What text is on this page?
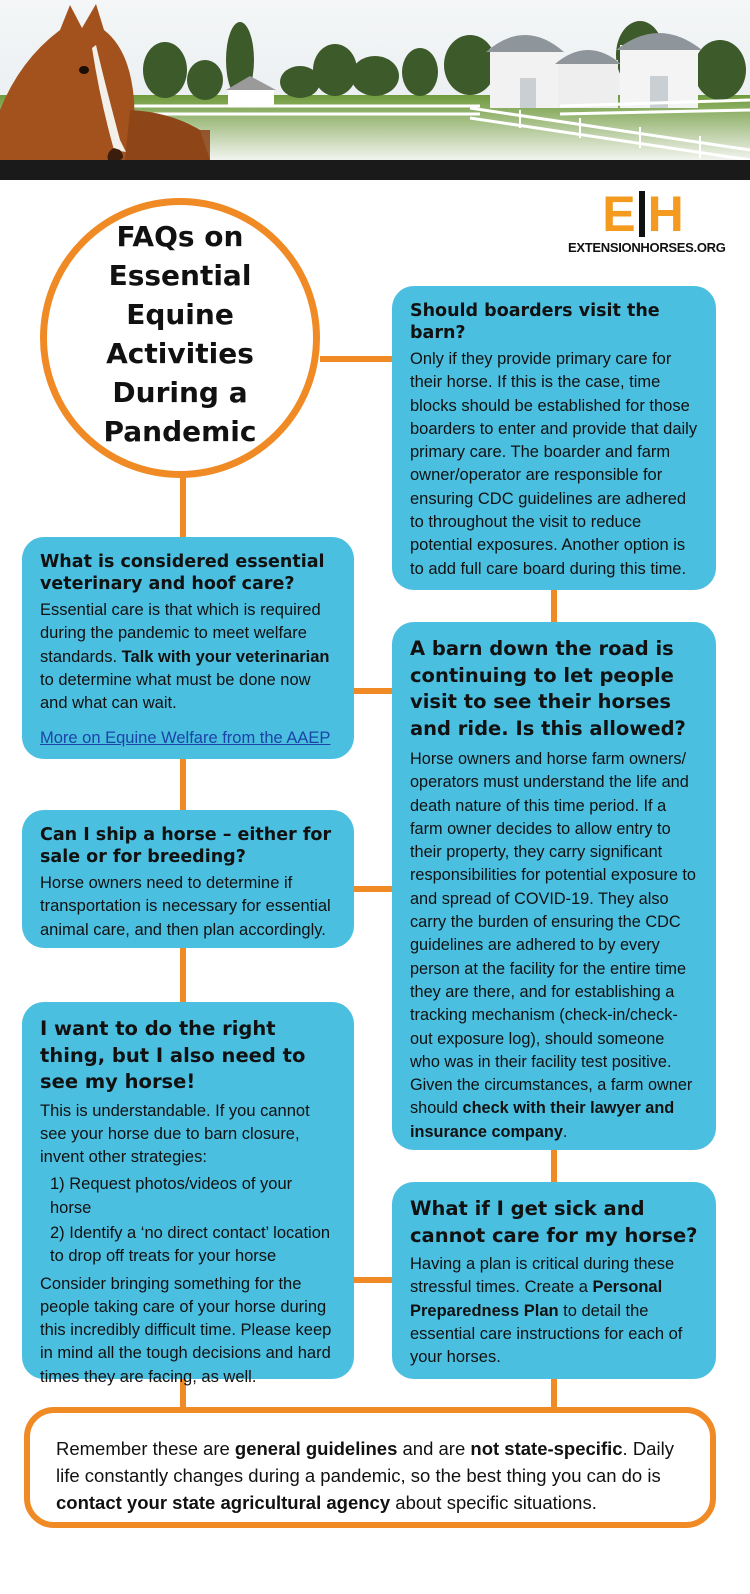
E H
EXTENSIONHORSES.ORG
FAQs on Essential Equine Activities During a Pandemic
Should boarders visit the barn?

Only if they provide primary care for their horse. If this is the case, time blocks should be established for those boarders to enter and provide that daily primary care. The boarder and farm owner/operator are responsible for ensuring CDC guidelines are adhered to throughout the visit to reduce potential exposures. Another option is to add full care board during this time.

What is considered essential veterinary and hoof care?

Essential care is that which is required during the pandemic to meet welfare standards. Talk with your veterinarian to determine what must be done now and what can wait.

More on Equine Welfare from the AAEP
A barn down the road is continuing to let people visit to see their horses and ride. Is this allowed?

Horse owners and horse farm owners/ operators must understand the life and death nature of this time period. If a farm owner decides to allow entry to their property, they carry significant responsibilities for potential exposure to and spread of COVID-19. They also carry the burden of ensuring the CDC guidelines are adhered to by every person at the facility for the entire time they are there, and for establishing a tracking mechanism (check-in/check-out exposure log), should someone who was in their facility test positive. Given the circumstances, a farm owner should check with their lawyer and insurance company.

Can I ship a horse – either for sale or for breeding?

Horse owners need to determine if transportation is necessary for essential animal care, and then plan accordingly.

I want to do the right thing, but I also need to see my horse!

This is understandable. If you cannot see your horse due to barn closure, invent other strategies:

1) Request photos/videos of your horse
2) Identify a ‘no direct contact’ location to drop off treats for your horse

Consider bringing something for the people taking care of your horse during this incredibly difficult time. Please keep in mind all the tough decisions and hard times they are facing, as well.

What if I get sick and cannot care for my horse?

Having a plan is critical during these stressful times. Create a Personal Preparedness Plan to detail the essential care instructions for each of your horses.

Remember these are general guidelines and are not state-specific. Daily life constantly changes during a pandemic, so the best thing you can do is contact your state agricultural agency about specific situations.
